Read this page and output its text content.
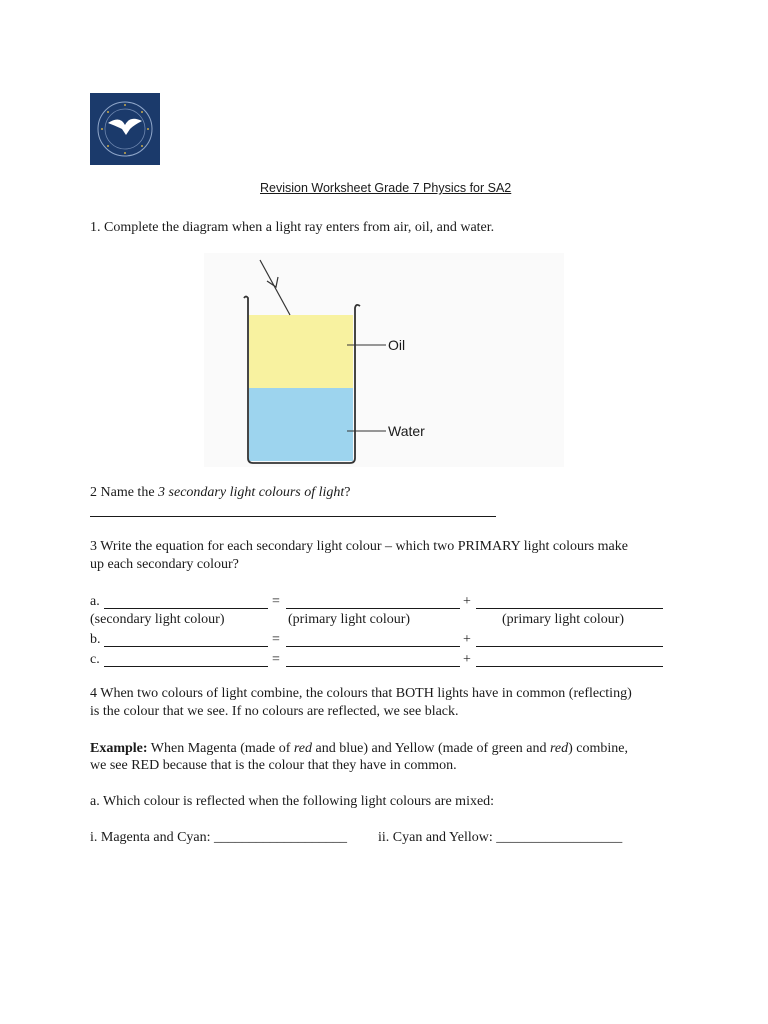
Revision Worksheet Grade 7 Physics for SA2
1. Complete the diagram when a light ray enters from air, oil, and water.
Oil
Water
2 Name the 3 secondary light colours of light?
3 Write the equation for each secondary light colour – which two PRIMARY light colours make
up each secondary colour?
a.	=	+
(secondary light colour)	(primary light colour)	(primary light colour)
b.	=	+
c.	=	+
4 When two colours of light combine, the colours that BOTH lights have in common (reflecting)
is the colour that we see. If no colours are reflected, we see black.
Example: When Magenta (made of red and blue) and Yellow (made of green and red) combine,
we see RED because that is the colour that they have in common.
a. Which colour is reflected when the following light colours are mixed:
i. Magenta and Cyan: ___________________ ii. Cyan and Yellow: __________________
